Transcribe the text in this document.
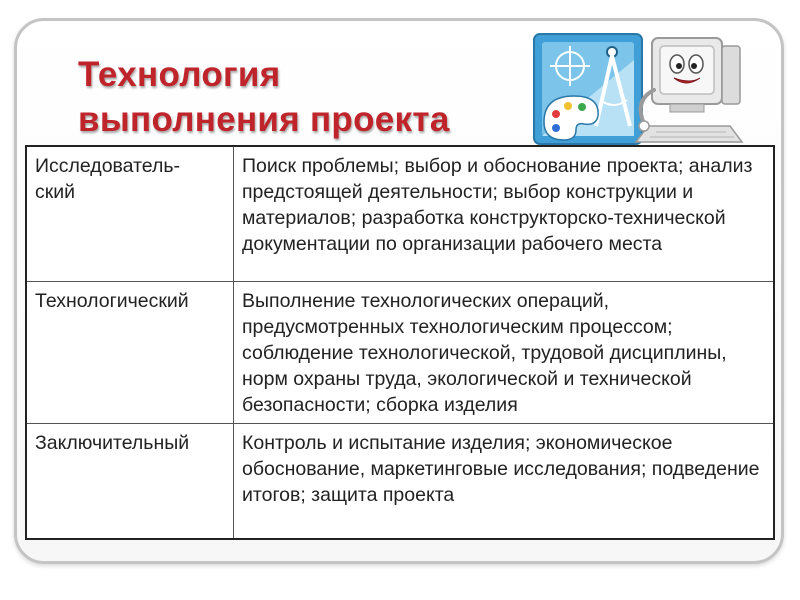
Технология
выполнения проекта
Исследователь-
ский	Поиск проблемы; выбор и обоснование проекта; анализ предстоящей деятельности; выбор конструкции и материалов; разработка конструкторско-технической документации по организации рабочего места

Технологический	Выполнение технологических операций, предусмотренных технологическим процессом; соблюдение технологической, трудовой дисциплины, норм охраны труда, экологической и технической безопасности; сборка изделия

Заключительный	Контроль и испытание изделия; экономическое обоснование, маркетинговые исследования; подведение итогов; защита проекта
